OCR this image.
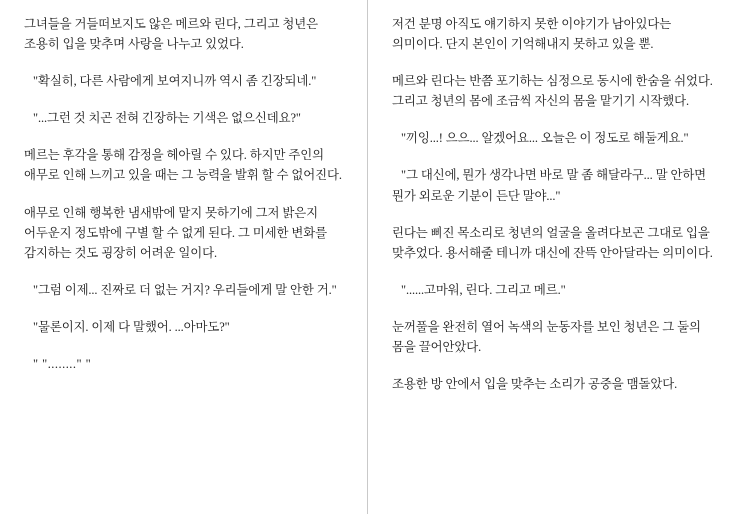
그녀들을 거들떠보지도 않은 메르와 린다, 그리고 청년은 조용히 입을 맞추며 사랑을 나누고 있었다.

"확실히, 다른 사람에게 보여지니까 역시 좀 긴장되네."

"...그런 것 치곤 전혀 긴장하는 기색은 없으신데요?"

메르는 후각을 통해 감정을 헤아릴 수 있다. 하지만 주인의 애무로 인해 느끼고 있을 때는 그 능력을 발휘 할 수 없어진다.

애무로 인해 행복한 냄새밖에 맡지 못하기에 그저 밝은지 어두운지 정도밖에 구별 할 수 없게 된다. 그 미세한 변화를 감지하는 것도 굉장히 어려운 일이다.

"그럼 이제... 진짜로 더 없는 거지? 우리들에게 말 안한 거."

"물론이지. 이제 다 말했어. ...아마도?"

" "........" "

저건 분명 아직도 얘기하지 못한 이야기가 남아있다는 의미이다. 단지 본인이 기억해내지 못하고 있을 뿐.

메르와 린다는 반쯤 포기하는 심정으로 동시에 한숨을 쉬었다. 그리고 청년의 몸에 조금씩 자신의 몸을 맡기기 시작했다.

"끼잉...! 으으... 알겠어요... 오늘은 이 정도로 해둘게요."

"그 대신에, 뭔가 생각나면 바로 말 좀 해달라구... 말 안하면 뭔가 외로운 기분이 든단 말야..."

린다는 삐진 목소리로 청년의 얼굴을 올려다보곤 그대로 입을 맞추었다. 용서해줄 테니까 대신에 잔뜩 안아달라는 의미이다.

"......고마워, 린다. 그리고 메르."

눈꺼풀을 완전히 열어 녹색의 눈동자를 보인 청년은 그 둘의 몸을 끌어안았다.

조용한 방 안에서 입을 맞추는 소리가 공중을 맴돌았다.
